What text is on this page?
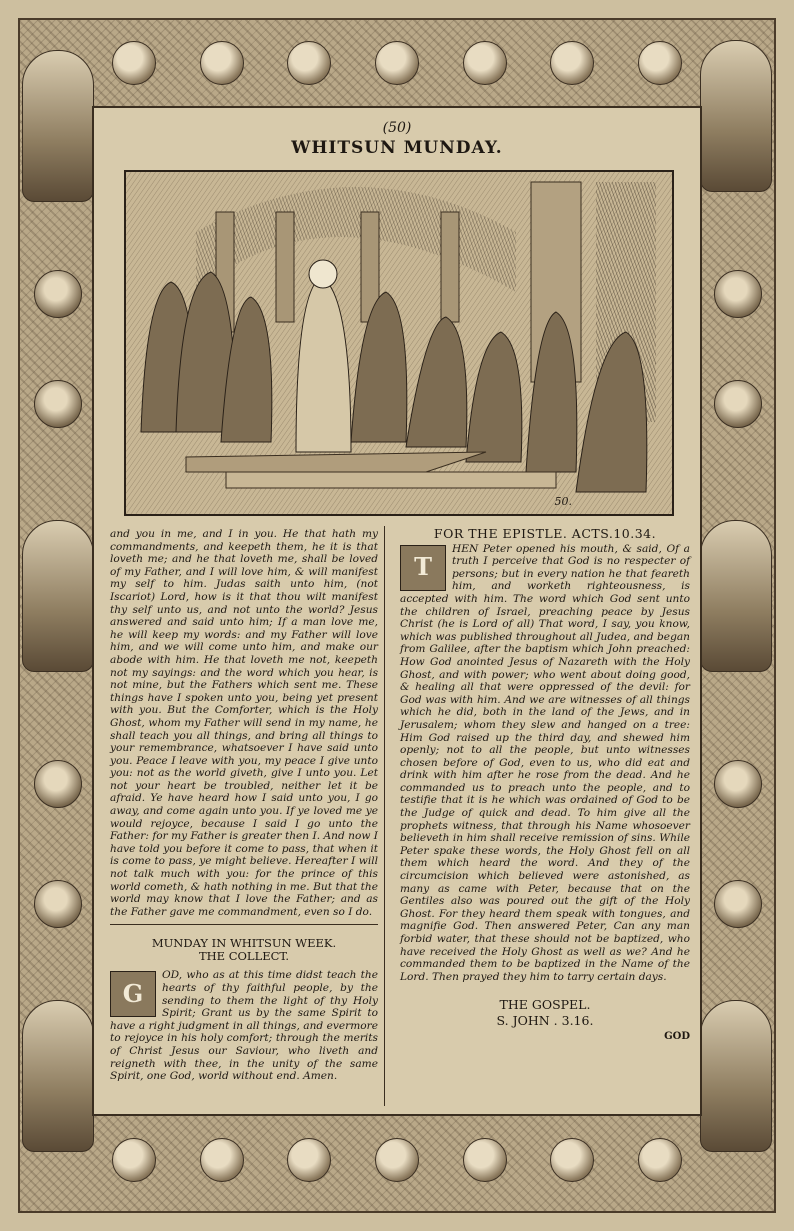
(50)
WHITSUN MUNDAY.
50.

and you in me, and I in you. He that hath my commandments, and keepeth them, he it is that loveth me; and he that loveth me, shall be loved of my Father, and I will love him, & will manifest my self to him. Judas saith unto him, (not Iscariot) Lord, how is it that thou wilt manifest thy self unto us, and not unto the world? Jesus answered and said unto him; If a man love me, he will keep my words: and my Father will love him, and we will come unto him, and make our abode with him. He that loveth me not, keepeth not my sayings: and the word which you hear, is not mine, but the Fathers which sent me. These things have I spoken unto you, being yet present with you. But the Comforter, which is the Holy Ghost, whom my Father will send in my name, he shall teach you all things, and bring all things to your remembrance, whatsoever I have said unto you. Peace I leave with you, my peace I give unto you: not as the world giveth, give I unto you. Let not your heart be troubled, neither let it be afraid. Ye have heard how I said unto you, I go away, and come again unto you. If ye loved me ye would rejoyce, because I said I go unto the Father: for my Father is greater then I. And now I have told you before it come to pass, that when it is come to pass, ye might believe. Hereafter I will not talk much with you: for the prince of this world cometh, & hath nothing in me. But that the world may know that I love the Father; and as the Father gave me commandment, even so I do.

MUNDAY IN WHITSUN WEEK.
THE COLLECT.
G

OD, who as at this time didst teach the hearts of thy faithful people, by the sending to them the light of thy Holy Spirit; Grant us by the same Spirit to have a right judgment in all things, and evermore to rejoyce in his holy comfort; through the merits of Christ Jesus our Saviour, who liveth and reigneth with thee, in the unity of the same Spirit, one God, world without end. Amen.

FOR THE EPISTLE. ACTS.10.34.
T

HEN Peter opened his mouth, & said, Of a truth I perceive that God is no respecter of persons; but in every nation he that feareth him, and worketh righteousness, is accepted with him. The word which God sent unto the children of Israel, preaching peace by Jesus Christ (he is Lord of all) That word, I say, you know, which was published throughout all Judea, and began from Galilee, after the baptism which John preached: How God anointed Jesus of Nazareth with the Holy Ghost, and with power; who went about doing good, & healing all that were oppressed of the devil: for God was with him. And we are witnesses of all things which he did, both in the land of the Jews, and in Jerusalem; whom they slew and hanged on a tree: Him God raised up the third day, and shewed him openly; not to all the people, but unto witnesses chosen before of God, even to us, who did eat and drink with him after he rose from the dead. And he commanded us to preach unto the people, and to testifie that it is he which was ordained of God to be the Judge of quick and dead. To him give all the prophets witness, that through his Name whosoever believeth in him shall receive remission of sins. While Peter spake these words, the Holy Ghost fell on all them which heard the word. And they of the circumcision which believed were astonished, as many as came with Peter, because that on the Gentiles also was poured out the gift of the Holy Ghost. For they heard them speak with tongues, and magnifie God. Then answered Peter, Can any man forbid water, that these should not be baptized, who have received the Holy Ghost as well as we? And he commanded them to be baptized in the Name of the Lord. Then prayed they him to tarry certain days.

THE GOSPEL.
S. JOHN . 3.16.
GOD
